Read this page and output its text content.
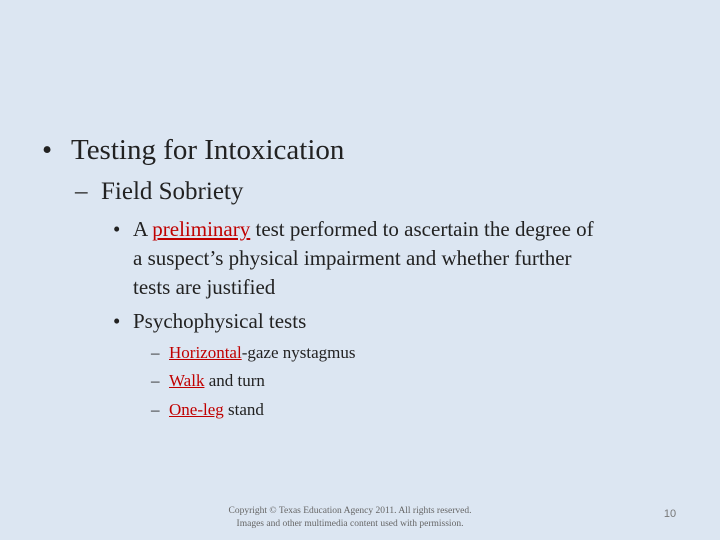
• Testing for Intoxication
– Field Sobriety
• A preliminary test performed to ascertain the degree of
a suspect’s physical impairment and whether further
tests are justified
• Psychophysical tests
– Horizontal-gaze nystagmus
– Walk and turn
– One-leg stand
Copyright © Texas Education Agency 2011. All rights reserved.
Images and other multimedia content used with permission.
10
